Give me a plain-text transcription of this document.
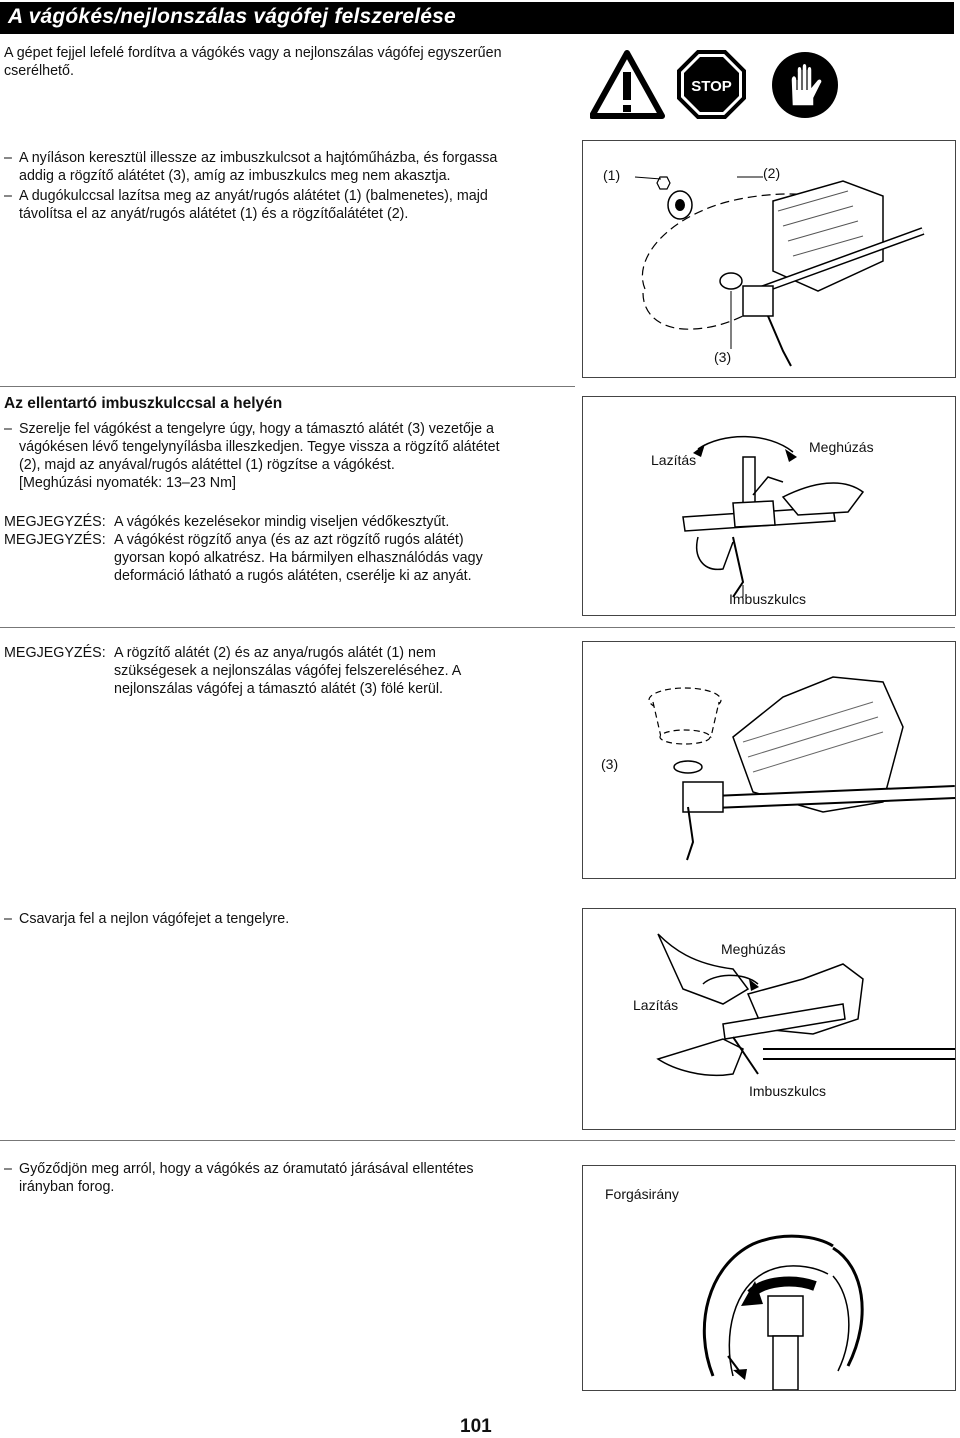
A vágókés/nejlonszálas vágófej felszerelése
A gépet fejjel lefelé fordítva a vágókés vagy a nejlonszálas vágófej egyszerűen
cserélhető.
STOP
– A nyíláson keresztül illessze az imbuszkulcsot a hajtóműházba, és forgassa
addig a rögzítő alátétet (3), amíg az imbuszkulcs meg nem akasztja.
– A dugókulccsal lazítsa meg az anyát/rugós alátétet (1) (balmenetes), majd
távolítsa el az anyát/rugós alátétet (1) és a rögzítőalátétet (2).
(1)	(2)
(3)
Az ellentartó imbuszkulccsal a helyén
– Szerelje fel vágókést a tengelyre úgy, hogy a támasztó alátét (3) vezetője a
vágókésen lévő tengelynyílásba illeszkedjen. Tegye vissza a rögzítő alátétet
(2), majd az anyával/rugós alátéttel (1) rögzítse a vágókést.
[Meghúzási nyomaték: 13–23 Nm]
Lazítás
Meghúzás
Imbuszkulcs
MEGJEGYZÉS: A vágókés kezelésekor mindig viseljen védőkesztyűt.
MEGJEGYZÉS: A vágókést rögzítő anya (és az azt rögzítő rugós alátét)
gyorsan kopó alkatrész. Ha bármilyen elhasználódás vagy
deformáció látható a rugós alátéten, cserélje ki az anyát.
MEGJEGYZÉS: A rögzítő alátét (2) és az anya/rugós alátét (1) nem
szükségesek a nejlonszálas vágófej felszereléséhez. A
nejlonszálas vágófej a támasztó alátét (3) fölé kerül.
(3)
– Csavarja fel a nejlon vágófejet a tengelyre.
Meghúzás
Lazítás
Imbuszkulcs
– Győződjön meg arról, hogy a vágókés az óramutató járásával ellentétes
irányban forog.	Forgásirány
101
